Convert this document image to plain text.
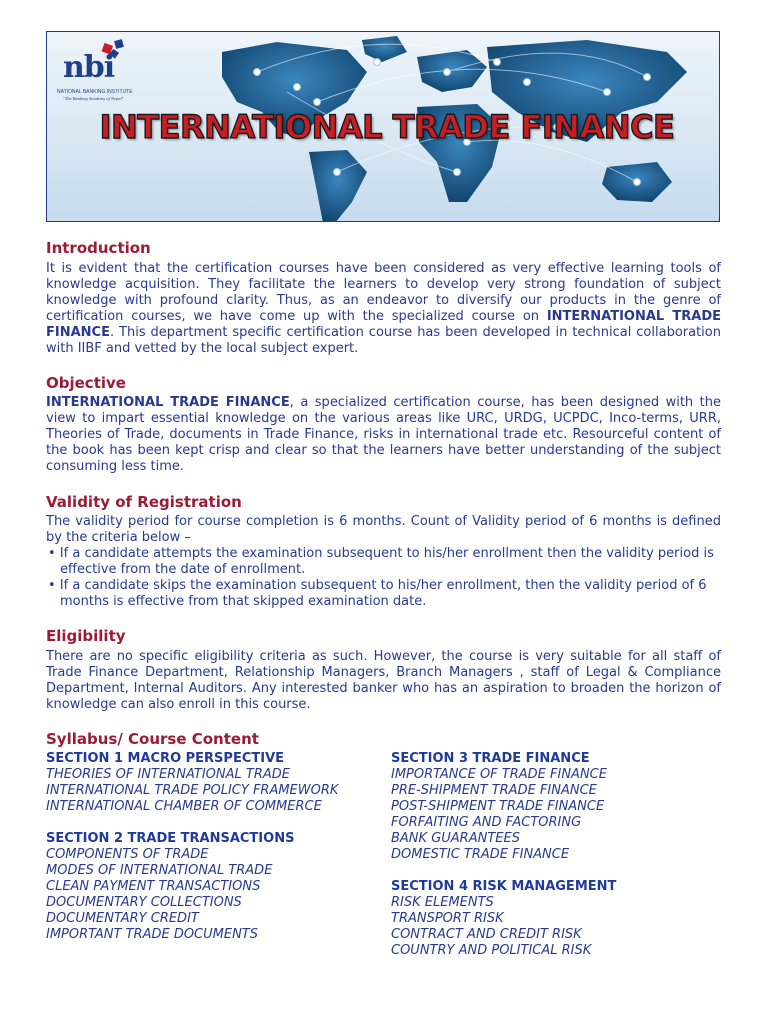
nbi
NATIONAL BANKING INSTITUTE
"The Banking Academy of Nepal"
INTERNATIONAL TRADE FINANCE
Introduction

It is evident that the certification courses have been considered as very effective learning tools of knowledge acquisition. They facilitate the learners to develop very strong foundation of subject knowledge with profound clarity. Thus, as an endeavor to diversify our products in the genre of certification courses, we have come up with the specialized course on INTERNATIONAL TRADE FINANCE. This department specific certification course has been developed in technical collaboration with IIBF and vetted by the local subject expert.

Objective

INTERNATIONAL TRADE FINANCE, a specialized certification course, has been designed with the view to impart essential knowledge on the various areas like URC, URDG, UCPDC, Inco-terms, URR, Theories of Trade, documents in Trade Finance, risks in international trade etc. Resourceful content of the book has been kept crisp and clear so that the learners have better understanding of the subject consuming less time.

Validity of Registration

The validity period for course completion is 6 months. Count of Validity period of 6 months is defined by the criteria below –

• If a candidate attempts the examination subsequent to his/her enrollment then the validity period is effective from the date of enrollment.
• If a candidate skips the examination subsequent to his/her enrollment, then the validity period of 6 months is effective from that skipped examination date.
Eligibility

There are no specific eligibility criteria as such. However, the course is very suitable for all staff of Trade Finance Department, Relationship Managers, Branch Managers , staff of Legal & Compliance Department, Internal Auditors. Any interested banker who has an aspiration to broaden the horizon of knowledge can also enroll in this course.

Syllabus/ Course Content
SECTION 1 MACRO PERSPECTIVE
THEORIES OF INTERNATIONAL TRADE
INTERNATIONAL TRADE POLICY FRAMEWORK
INTERNATIONAL CHAMBER OF COMMERCE
SECTION 2 TRADE TRANSACTIONS
COMPONENTS OF TRADE
MODES OF INTERNATIONAL TRADE
CLEAN PAYMENT TRANSACTIONS
DOCUMENTARY COLLECTIONS
DOCUMENTARY CREDIT
IMPORTANT TRADE DOCUMENTS
SECTION 3 TRADE FINANCE
IMPORTANCE OF TRADE FINANCE
PRE-SHIPMENT TRADE FINANCE
POST-SHIPMENT TRADE FINANCE
FORFAITING AND FACTORING
BANK GUARANTEES
DOMESTIC TRADE FINANCE
SECTION 4 RISK MANAGEMENT
RISK ELEMENTS
TRANSPORT RISK
CONTRACT AND CREDIT RISK
COUNTRY AND POLITICAL RISK
